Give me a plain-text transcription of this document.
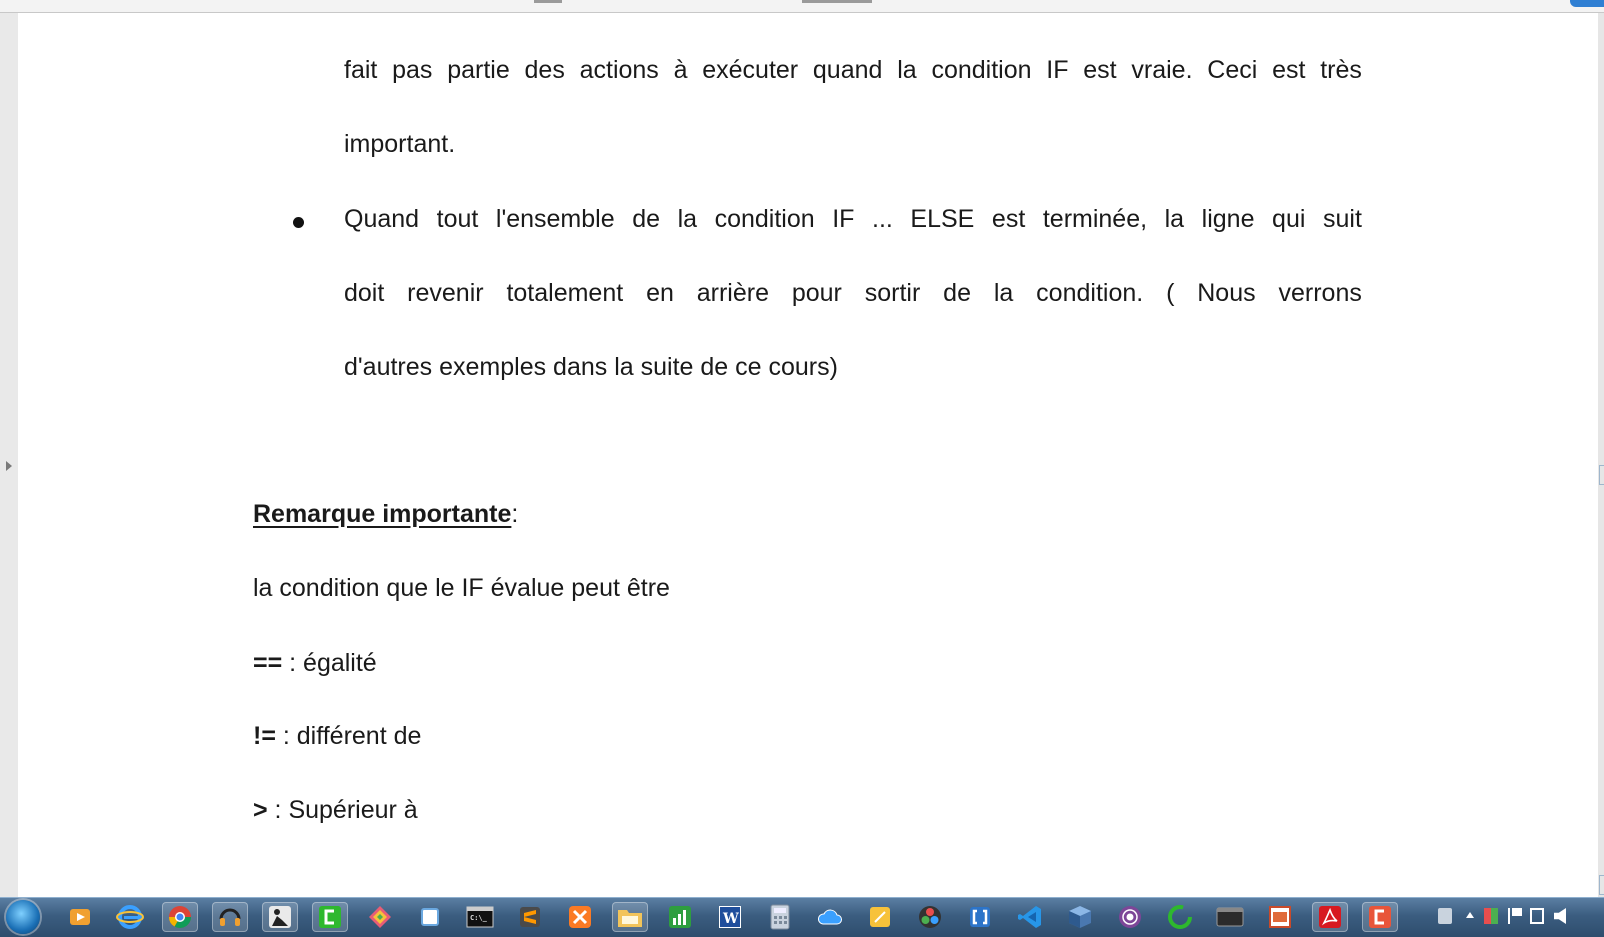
fait pas partie des actions à exécuter quand la condition IF est vraie. Ceci est très
important.
Quand tout l'ensemble de la condition IF ... ELSE est terminée, la ligne qui suit
doit revenir totalement en arrière pour sortir de la condition. ( Nous verrons
d'autres exemples dans la suite de ce cours)
Remarque importante:
la condition que le IF évalue peut être
== : égalité
!= : différent de
> : Supérieur à
C:\_	W
